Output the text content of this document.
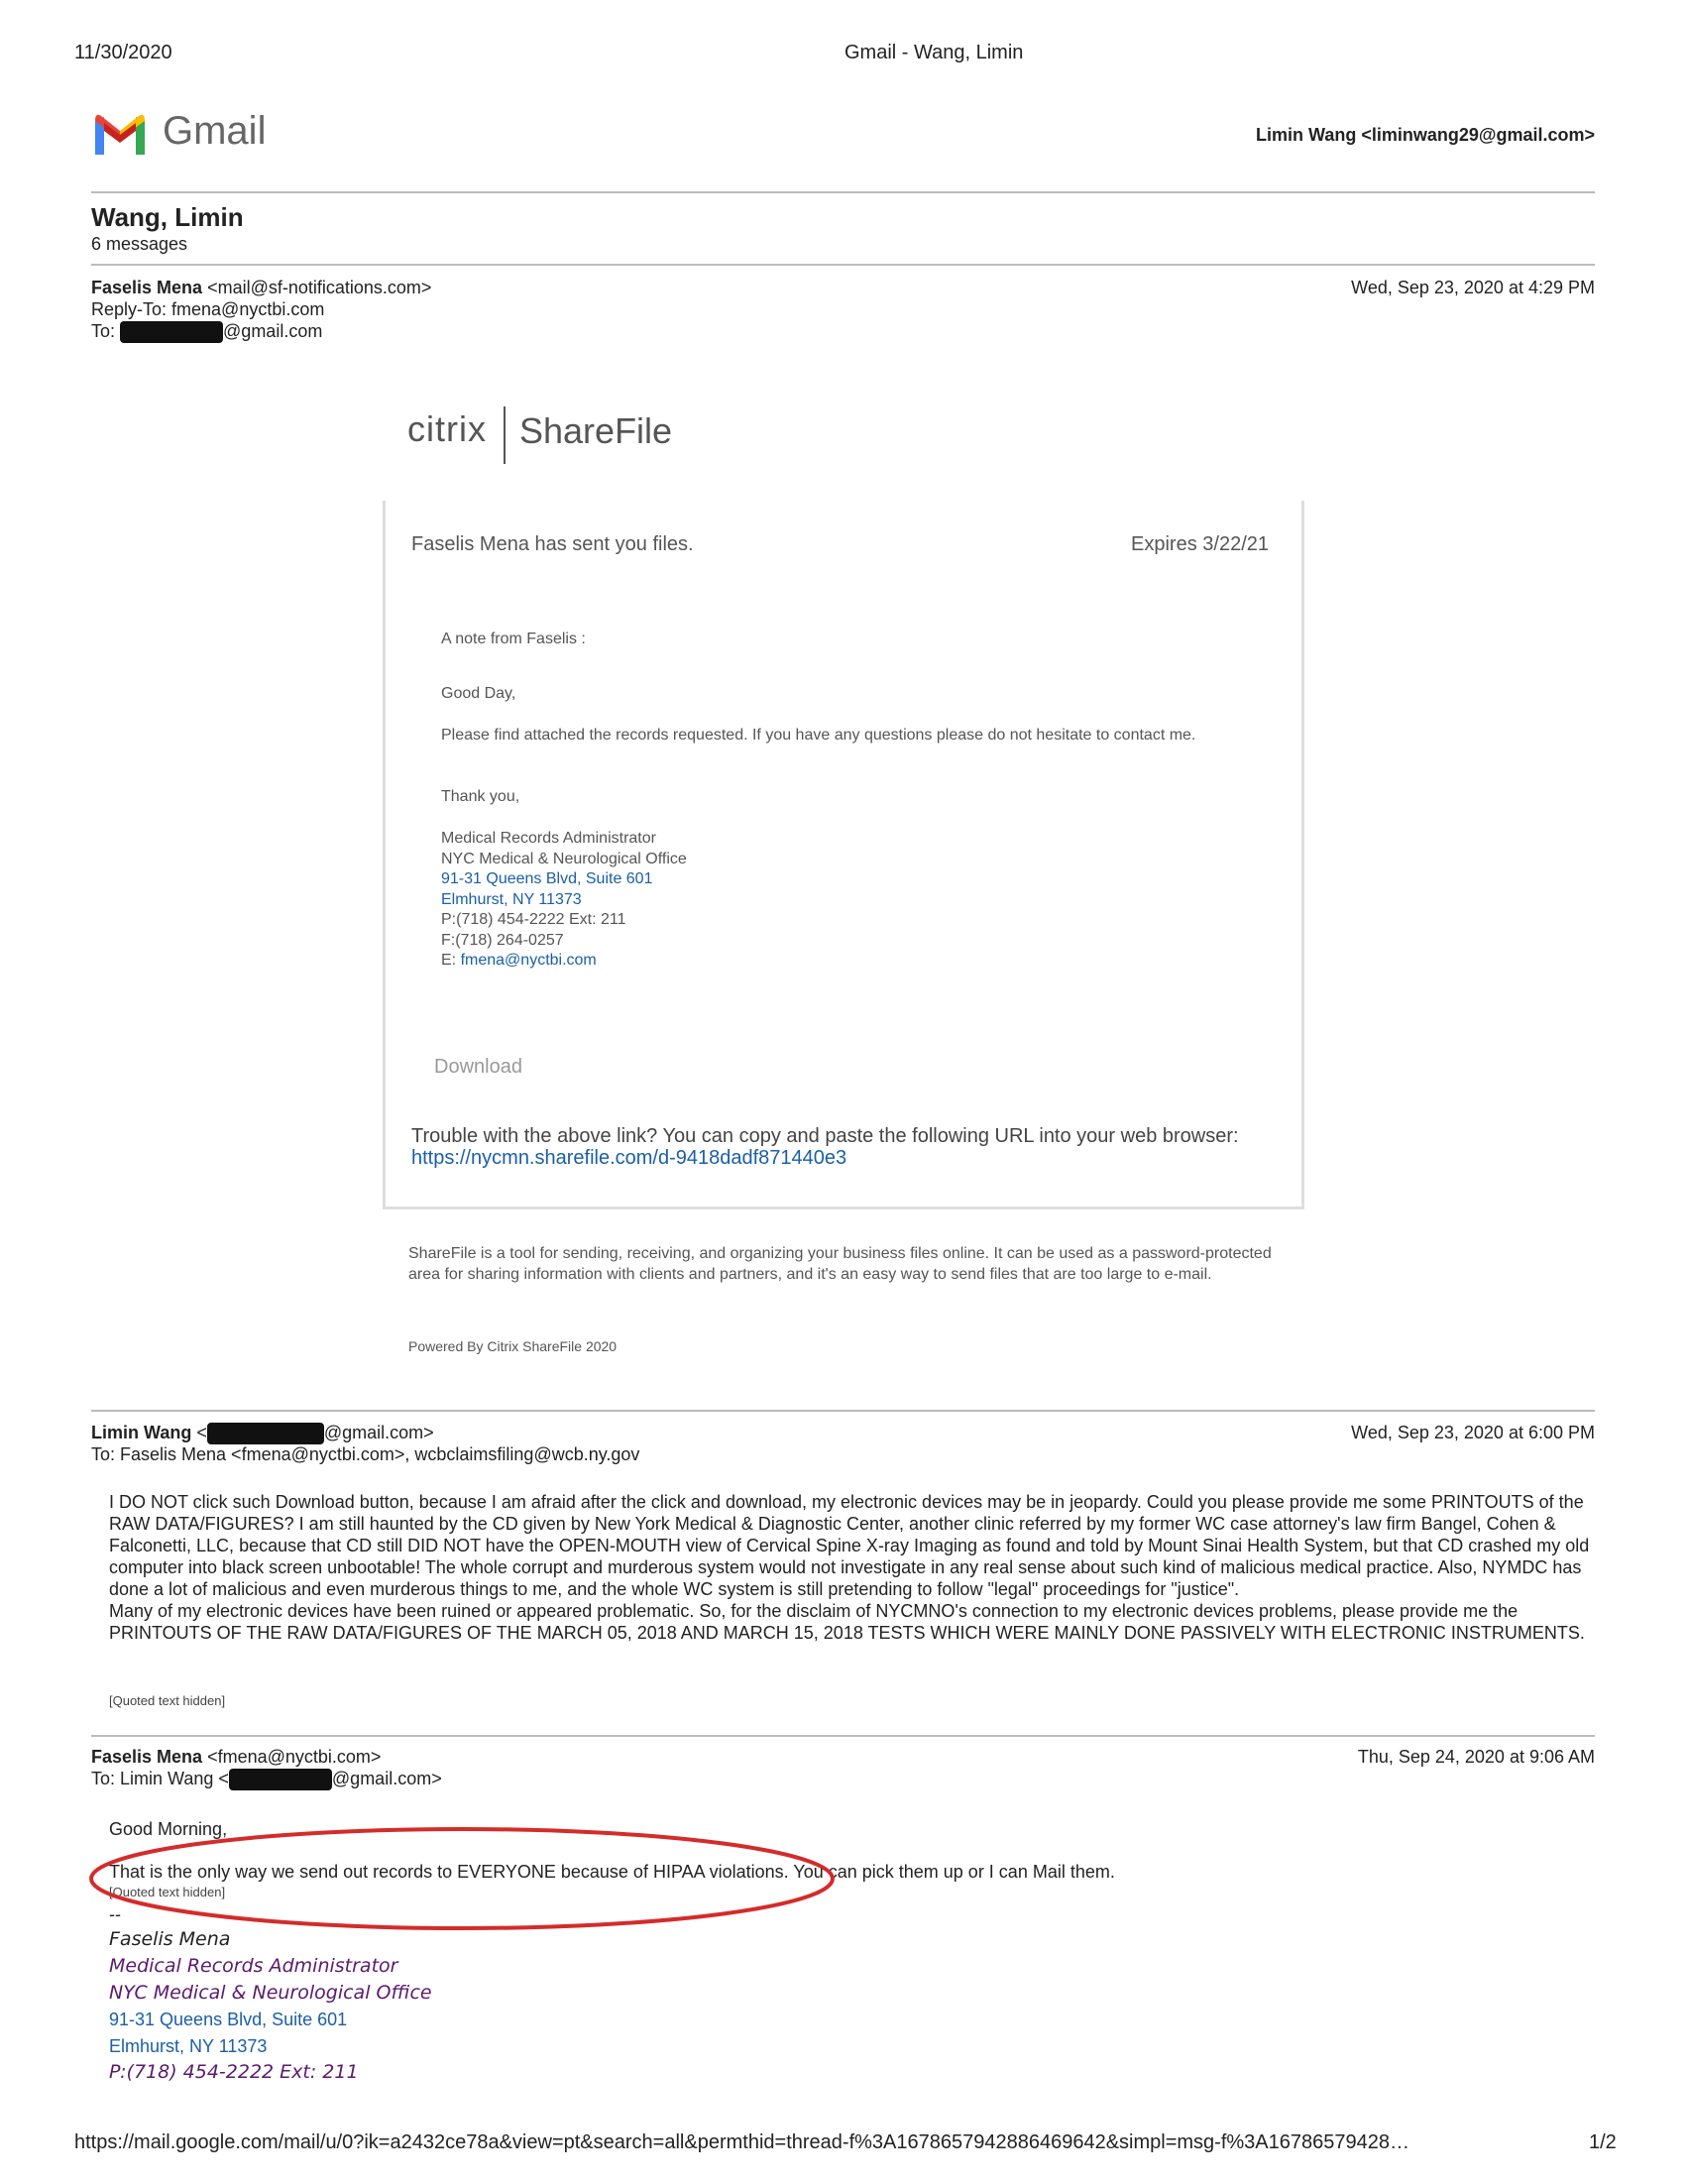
11/30/2020	Gmail - Wang, Limin
Gmail	Limin Wang <liminwang29@gmail.com>
Wang, Limin
6 messages
Faselis Mena <mail@sf-notifications.com>	Wed, Sep 23, 2020 at 4:29 PM
Reply-To: fmena@nyctbi.com
To:	@gmail.com
citrix ShareFile
Faselis Mena has sent you files.	Expires 3/22/21
A note from Faselis :
Good Day,
Please find attached the records requested. If you have any questions please do not hesitate to contact me.
Thank you,
Medical Records Administrator
NYC Medical & Neurological Office
91-31 Queens Blvd, Suite 601
Elmhurst, NY 11373
P:(718) 454-2222 Ext: 211
F:(718) 264-0257
E: fmena@nyctbi.com
Download
Trouble with the above link? You can copy and paste the following URL into your web browser:
https://nycmn.sharefile.com/d-9418dadf871440e3
ShareFile is a tool for sending, receiving, and organizing your business files online. It can be used as a password-protected area for sharing information with clients and partners, and it's an easy way to send files that are too large to e-mail.
Powered By Citrix ShareFile 2020
Limin Wang <	@gmail.com>	Wed, Sep 23, 2020 at 6:00 PM
To: Faselis Mena <fmena@nyctbi.com>, wcbclaimsfiling@wcb.ny.gov
I DO NOT click such Download button, because I am afraid after the click and download, my electronic devices may be in jeopardy. Could you please provide me some PRINTOUTS of the RAW DATA/FIGURES? I am still haunted by the CD given by New York Medical & Diagnostic Center, another clinic referred by my former WC case attorney's law firm Bangel, Cohen & Falconetti, LLC, because that CD still DID NOT have the OPEN-MOUTH view of Cervical Spine X-ray Imaging as found and told by Mount Sinai Health System, but that CD crashed my old computer into black screen unbootable! The whole corrupt and murderous system would not investigate in any real sense about such kind of malicious medical practice. Also, NYMDC has done a lot of malicious and even murderous things to me, and the whole WC system is still pretending to follow "legal" proceedings for "justice".
Many of my electronic devices have been ruined or appeared problematic. So, for the disclaim of NYCMNO's connection to my electronic devices problems, please provide me the PRINTOUTS OF THE RAW DATA/FIGURES OF THE MARCH 05, 2018 AND MARCH 15, 2018 TESTS WHICH WERE MAINLY DONE PASSIVELY WITH ELECTRONIC INSTRUMENTS.
[Quoted text hidden]
Faselis Mena <fmena@nyctbi.com>	Thu, Sep 24, 2020 at 9:06 AM
To: Limin Wang <	@gmail.com>
Good Morning,
That is the only way we send out records to EVERYONE because of HIPAA violations. You can pick them up or I can Mail them.
[Quoted text hidden]
--
Faselis Mena
Medical Records Administrator
NYC Medical & Neurological Office
91-31 Queens Blvd, Suite 601
Elmhurst, NY 11373
P:(718) 454-2222 Ext: 211
https://mail.google.com/mail/u/0?ik=a2432ce78a&view=pt&search=all&permthid=thread-f%3A1678657942886469642&simpl=msg-f%3A16786579428…	1/2
